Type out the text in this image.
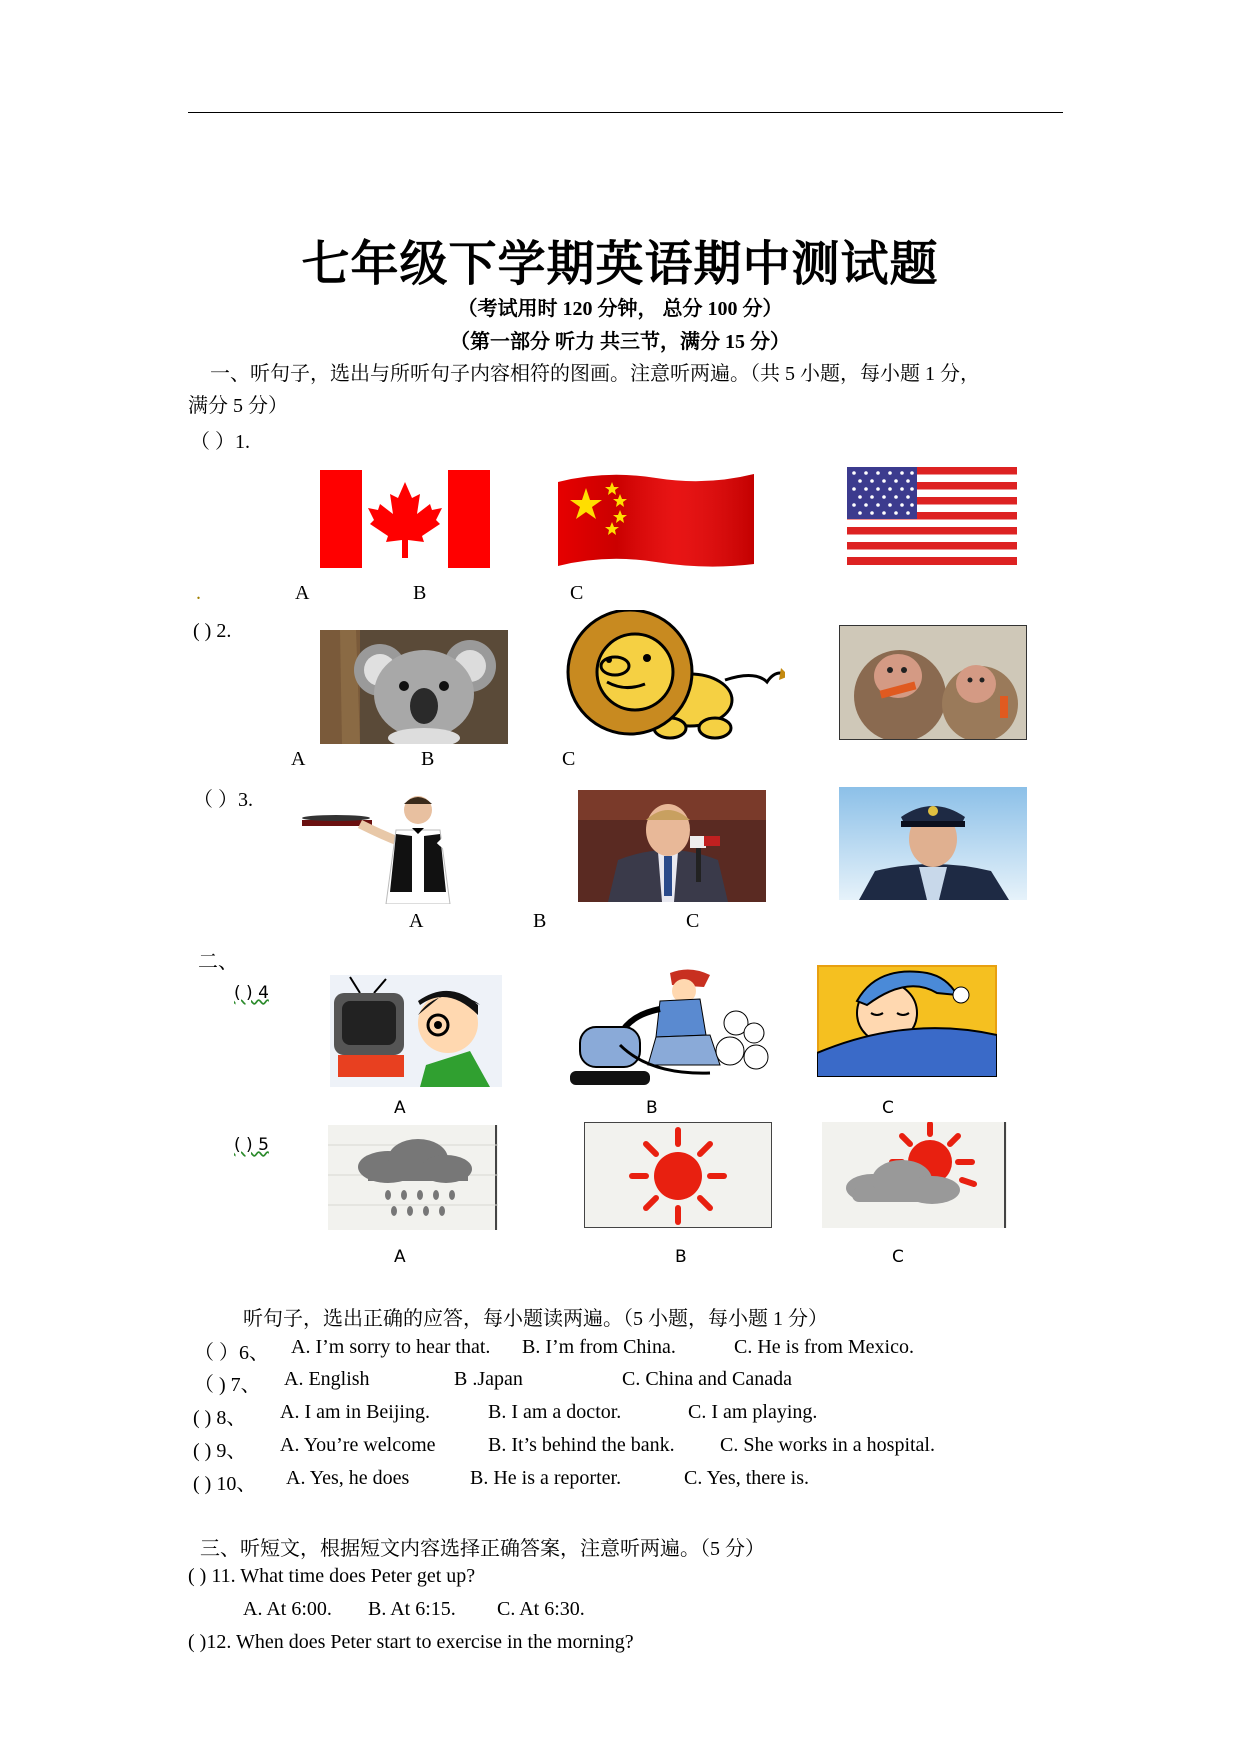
七年级下学期英语期中测试题
（考试用时 120 分钟， 总分 100 分）
（第一部分 听力 共三节，满分 15 分）
一、听句子，选出与所听句子内容相符的图画。注意听两遍。（共 5 小题，每小题 1 分，
满分 5 分）
（ ）1.
.	A	B	C
( ) 2.
A	B	C
（ ）3.
A	B	C
二、
( ) 4
A	B	C
( ) 5
A	B	C
听句子，选出正确的应答，每小题读两遍。（5 小题，每小题 1 分）
（ ）6、 A. I’m sorry to hear that. B. I’m from China.	C. He is from Mexico.
（ ) 7、 A. English	B .Japan	C. China and Canada
( ) 8、 A. I am in Beijing.	B. I am a doctor.	C. I am playing.
( ) 9、 A. You’re welcome	B. It’s behind the bank. C. She works in a hospital.
( ) 10、 A. Yes, he does	B. He is a reporter.	C. Yes, there is.
三、听短文，根据短文内容选择正确答案，注意听两遍。（5 分）
( ) 11. What time does Peter get up?
A. At 6:00. B. At 6:15. C. At 6:30.
( )12. When does Peter start to exercise in the morning?
